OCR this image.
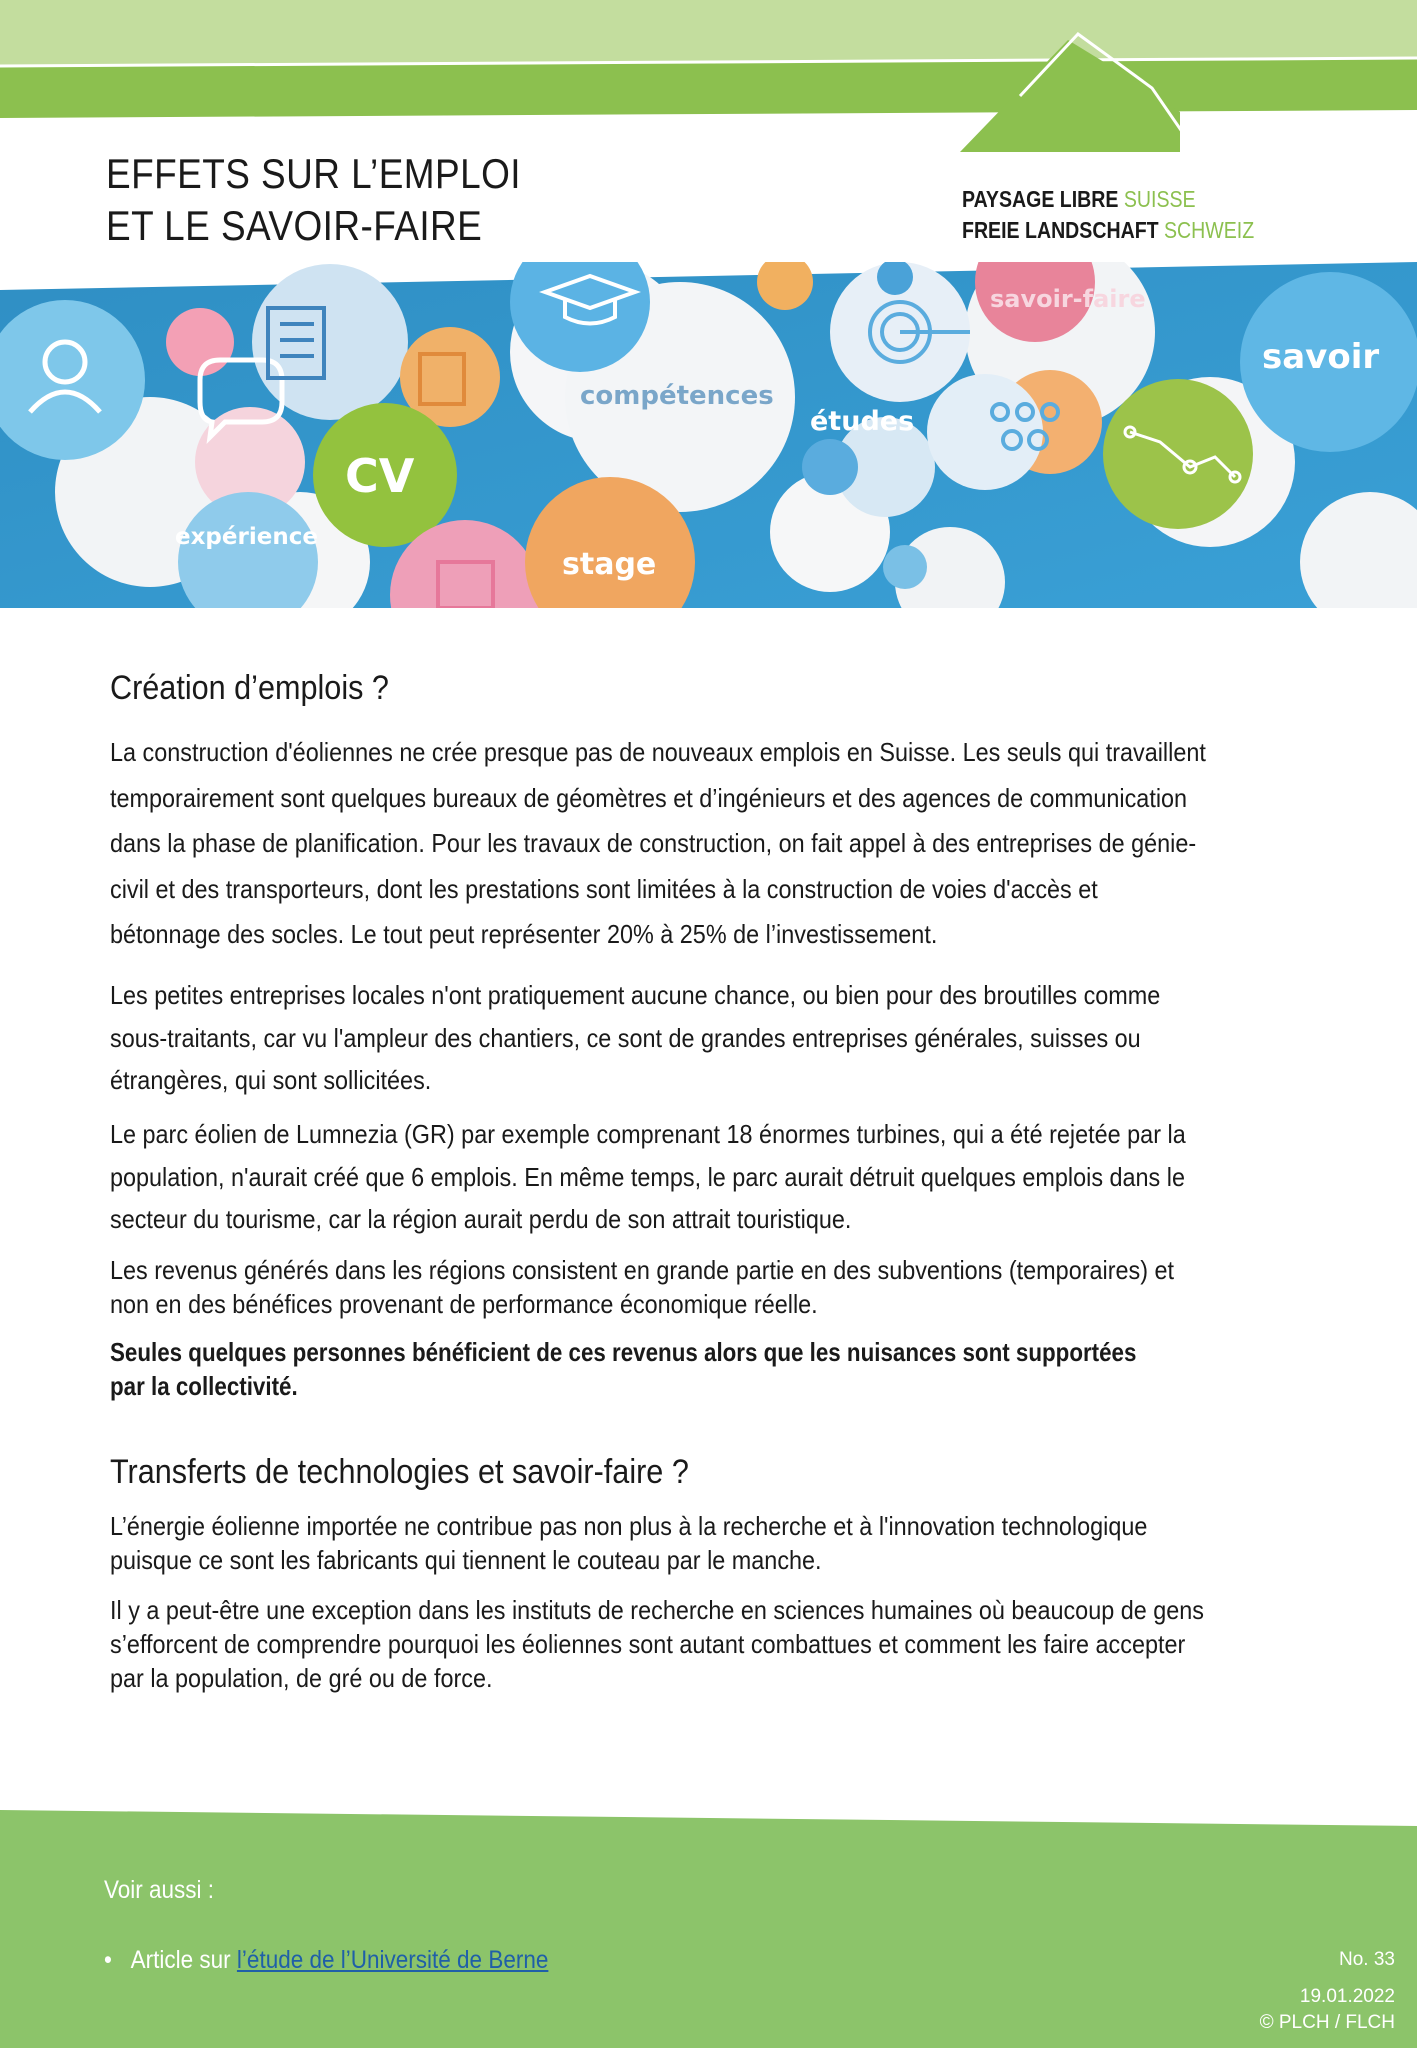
EFFETS SUR L’EMPLOI
ET LE SAVOIR-FAIRE
PAYSAGE LIBRE SUISSE
FREIE LANDSCHAFT SCHWEIZ
compétences
études
savoir
CV
expérience
stage
savoir-faire
Création d’emplois ?
La construction d'éoliennes ne crée presque pas de nouveaux emplois en Suisse. Les seuls qui travaillent
temporairement sont quelques bureaux de géomètres et d’ingénieurs et des agences de communication
dans la phase de planification. Pour les travaux de construction, on fait appel à des entreprises de génie-
civil et des transporteurs, dont les prestations sont limitées à la construction de voies d'accès et
bétonnage des socles. Le tout peut représenter 20% à 25% de l’investissement.
Les petites entreprises locales n'ont pratiquement aucune chance, ou bien pour des broutilles comme
sous-traitants, car vu l'ampleur des chantiers, ce sont de grandes entreprises générales, suisses ou
étrangères, qui sont sollicitées.
Le parc éolien de Lumnezia (GR) par exemple comprenant 18 énormes turbines, qui a été rejetée par la
population, n'aurait créé que 6 emplois. En même temps, le parc aurait détruit quelques emplois dans le
secteur du tourisme, car la région aurait perdu de son attrait touristique.
Les revenus générés dans les régions consistent en grande partie en des subventions (temporaires) et
non en des bénéfices provenant de performance économique réelle.
Seules quelques personnes bénéficient de ces revenus alors que les nuisances sont supportées
par la collectivité.
Transferts de technologies et savoir-faire ?
L’énergie éolienne importée ne contribue pas non plus à la recherche et à l'innovation technologique
puisque ce sont les fabricants qui tiennent le couteau par le manche.
Il y a peut-être une exception dans les instituts de recherche en sciences humaines où beaucoup de gens
s’efforcent de comprendre pourquoi les éoliennes sont autant combattues et comment les faire accepter
par la population, de gré ou de force.
Voir aussi :
• Article sur l’étude de l’Université de Berne	No. 33
19.01.2022
© PLCH / FLCH
